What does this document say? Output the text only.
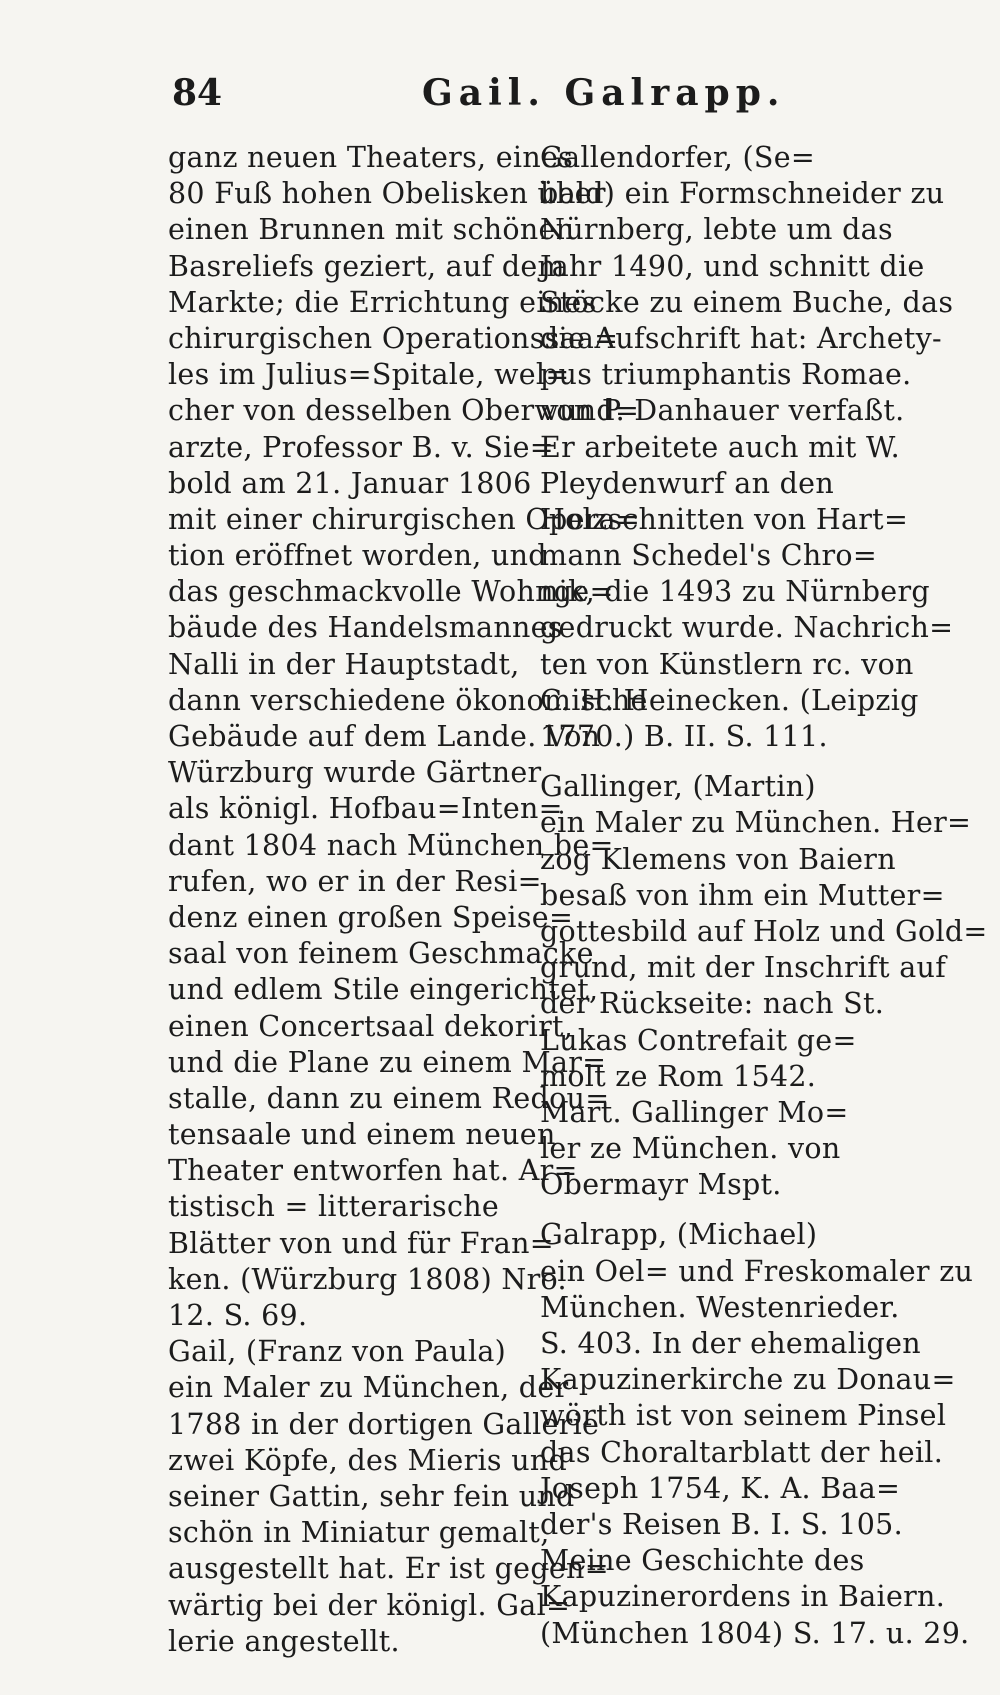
84	Gail. Galrapp.
ganz neuen Theaters, eines
80 Fuß hohen Obelisken über
einen Brunnen mit schönen
Basreliefs geziert, auf dem
Markte; die Errichtung eines
chirurgischen Operationssaa=
les im Julius=Spitale, wel=
cher von desselben Oberwund=
arzte, Professor B. v. Sie=
bold am 21. Januar 1806
mit einer chirurgischen Opera=
tion eröffnet worden, und
das geschmackvolle Wohnge=
bäude des Handelsmannes
Nalli in der Hauptstadt,
dann verschiedene ökonomische
Gebäude auf dem Lande. Von
Würzburg wurde Gärtner
als königl. Hofbau=Inten=
dant 1804 nach München be=
rufen, wo er in der Resi=
denz einen großen Speise=
saal von feinem Geschmacke
und edlem Stile eingerichtet,
einen Concertsaal dekorirt,
und die Plane zu einem Mar=
stalle, dann zu einem Redou=
tensaale und einem neuen
Theater entworfen hat. Ar=
tistisch = litterarische
Blätter von und für Fran=
ken. (Würzburg 1808) Nro.
12. S. 69.
Gail, (Franz von Paula)
ein Maler zu München, der
1788 in der dortigen Gallerie
zwei Köpfe, des Mieris und
seiner Gattin, sehr fein und
schön in Miniatur gemalt,
ausgestellt hat. Er ist gegen=
wärtig bei der königl. Gal=
lerie angestellt.
Gallendorfer, (Se=
bald) ein Formschneider zu
Nürnberg, lebte um das
Jahr 1490, und schnitt die
Stöcke zu einem Buche, das
die Aufschrift hat: Archety-
pus triumphantis Romae.
von P. Danhauer verfaßt.
Er arbeitete auch mit W.
Pleydenwurf an den
Holzschnitten von Hart=
mann Schedel's Chro=
nik, die 1493 zu Nürnberg
gedruckt wurde. Nachrich=
ten von Künstlern rc. von
C. H. Heinecken. (Leipzig
1770.) B. II. S. 111.
Gallinger, (Martin)
ein Maler zu München. Her=
zog Klemens von Baiern
besaß von ihm ein Mutter=
gottesbild auf Holz und Gold=
grund, mit der Inschrift auf
der Rückseite: nach St.
Lukas Contrefait ge=
molt ze Rom 1542.
Mart. Gallinger Mo=
ler ze München. von
Obermayr Mspt.
Galrapp, (Michael)
ein Oel= und Freskomaler zu
München. Westenrieder.
S. 403. In der ehemaligen
Kapuzinerkirche zu Donau=
wörth ist von seinem Pinsel
das Choraltarblatt der heil.
Joseph 1754, K. A. Baa=
der's Reisen B. I. S. 105.
Meine Geschichte des
Kapuzinerordens in Baiern.
(München 1804) S. 17. u. 29.
